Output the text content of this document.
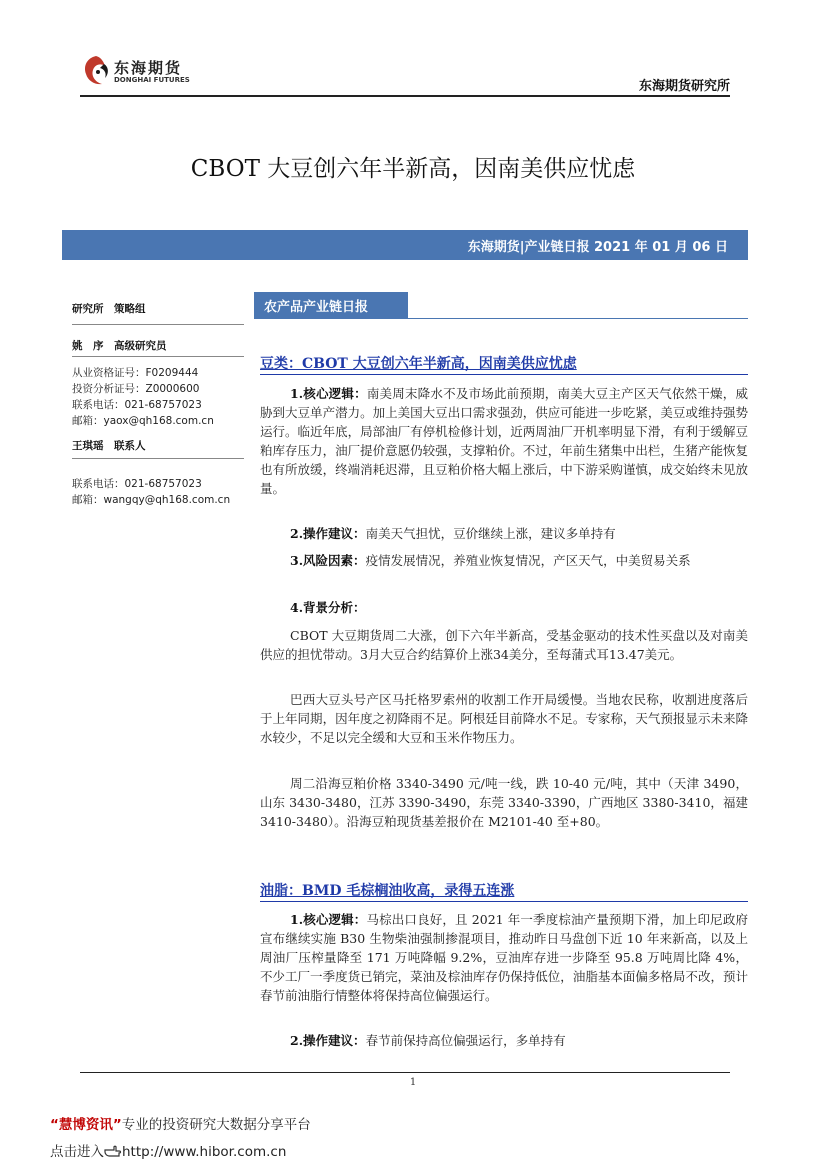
东海期货
DONGHAI FUTURES	东海期货研究所
CBOT 大豆创六年半新高，因南美供应忧虑
东海期货|产业链日报 2021 年 01 月 06 日
研究所　策略组
姚　序　高级研究员
从业资格证号：F0209444
投资分析证号：Z0000600
联系电话：021-68757023
邮箱：yaox@qh168.com.cn
王琪瑶　联系人
联系电话：021-68757023
邮箱：wangqy@qh168.com.cn
农产品产业链日报
豆类：CBOT 大豆创六年半新高，因南美供应忧虑
1.核心逻辑：南美周末降水不及市场此前预期，南美大豆主产区天气依然干燥，威胁到大豆单产潜力。加上美国大豆出口需求强劲，供应可能进一步吃紧，美豆或维持强势运行。临近年底，局部油厂有停机检修计划，近两周油厂开机率明显下滑，有利于缓解豆粕库存压力，油厂提价意愿仍较强，支撑粕价。不过，年前生猪集中出栏，生猪产能恢复也有所放缓，终端消耗迟滞，且豆粕价格大幅上涨后，中下游采购谨慎，成交始终未见放量。
2.操作建议：南美天气担忧，豆价继续上涨，建议多单持有
3.风险因素：疫情发展情况，养殖业恢复情况，产区天气，中美贸易关系
4.背景分析：
CBOT 大豆期货周二大涨，创下六年半新高，受基金驱动的技术性买盘以及对南美供应的担忧带动。3月大豆合约结算价上涨34美分，至每蒲式耳13.47美元。
巴西大豆头号产区马托格罗索州的收割工作开局缓慢。当地农民称，收割进度落后于上年同期，因年度之初降雨不足。阿根廷目前降水不足。专家称，天气预报显示未来降水较少，不足以完全缓和大豆和玉米作物压力。
周二沿海豆粕价格 3340-3490 元/吨一线，跌 10-40 元/吨，其中（天津 3490，山东 3430-3480，江苏 3390-3490，东莞 3340-3390，广西地区 3380-3410，福建 3410-3480）。沿海豆粕现货基差报价在 M2101-40 至+80。
油脂：BMD 毛棕榈油收高，录得五连涨
1.核心逻辑：马棕出口良好，且 2021 年一季度棕油产量预期下滑，加上印尼政府宣布继续实施 B30 生物柴油强制掺混项目，推动昨日马盘创下近 10 年来新高，以及上周油厂压榨量降至 171 万吨降幅 9.2%，豆油库存进一步降至 95.8 万吨周比降 4%，不少工厂一季度货已销完，菜油及棕油库存仍保持低位，油脂基本面偏多格局不改，预计春节前油脂行情整体将保持高位偏强运行。
2.操作建议：春节前保持高位偏强运行，多单持有
1
“慧博资讯”专业的投资研究大数据分享平台
点击进入 http://www.hibor.com.cn
